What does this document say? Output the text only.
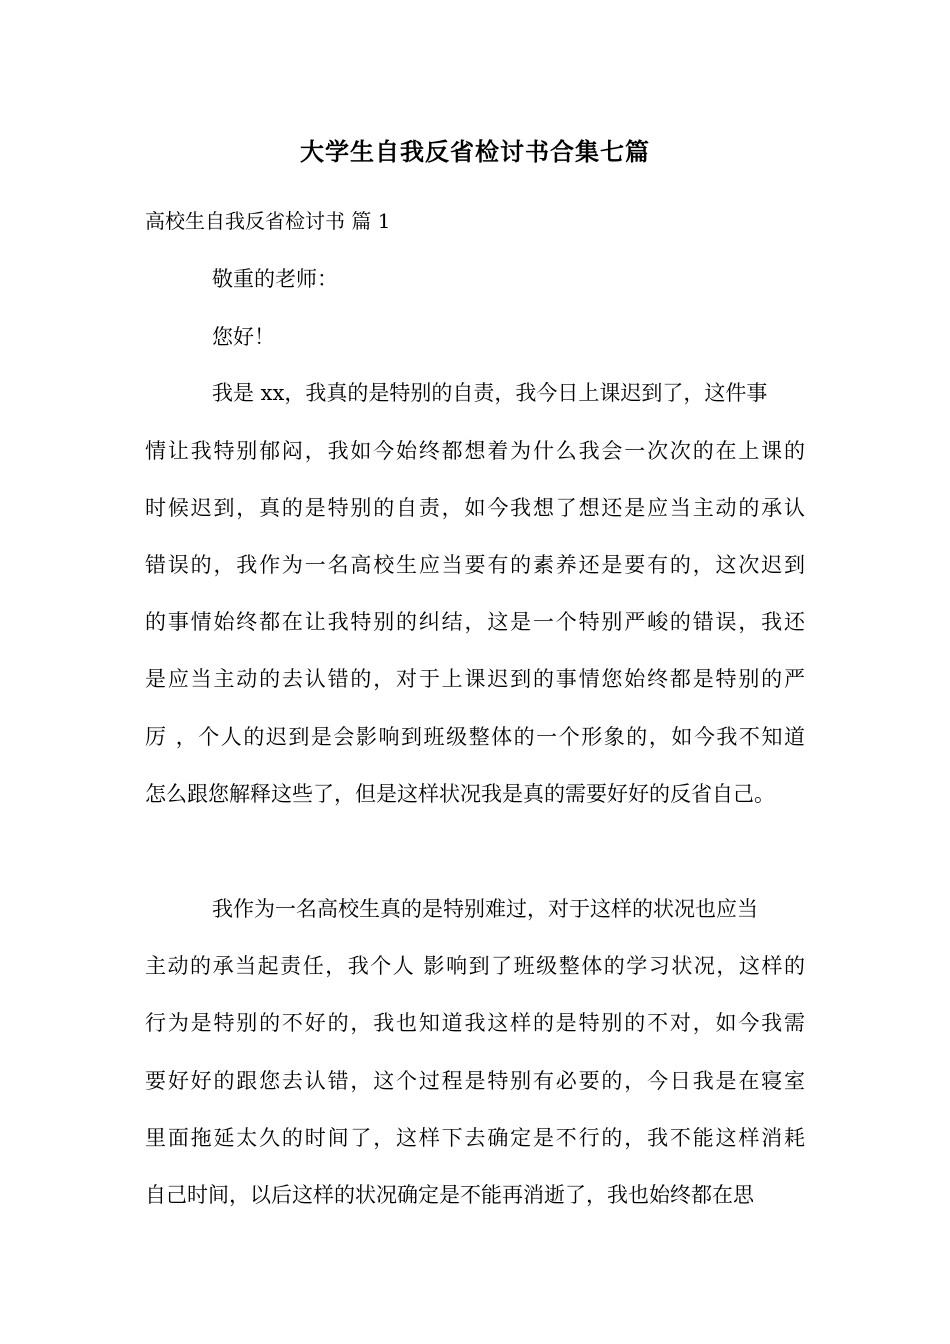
大学生自我反省检讨书合集七篇

高校生自我反省检讨书 篇 1

敬重的老师：

您好！

我是 xx，我真的是特别的自责，我今日上课迟到了，这件事

情让我特别郁闷，我如今始终都想着为什么我会一次次的在上课的

时候迟到，真的是特别的自责，如今我想了想还是应当主动的承认

错误的，我作为一名高校生应当要有的素养还是要有的，这次迟到

的事情始终都在让我特别的纠结，这是一个特别严峻的错误，我还

是应当主动的去认错的，对于上课迟到的事情您始终都是特别的严

厉 ，个人的迟到是会影响到班级整体的一个形象的，如今我不知道

怎么跟您解释这些了，但是这样状况我是真的需要好好的反省自己。

我作为一名高校生真的是特别难过，对于这样的状况也应当

主动的承当起责任，我个人 影响到了班级整体的学习状况，这样的

行为是特别的不好的，我也知道我这样的是特别的不对，如今我需

要好好的跟您去认错，这个过程是特别有必要的，今日我是在寝室

里面拖延太久的时间了，这样下去确定是不行的，我不能这样消耗

自己时间，以后这样的状况确定是不能再消逝了，我也始终都在思
